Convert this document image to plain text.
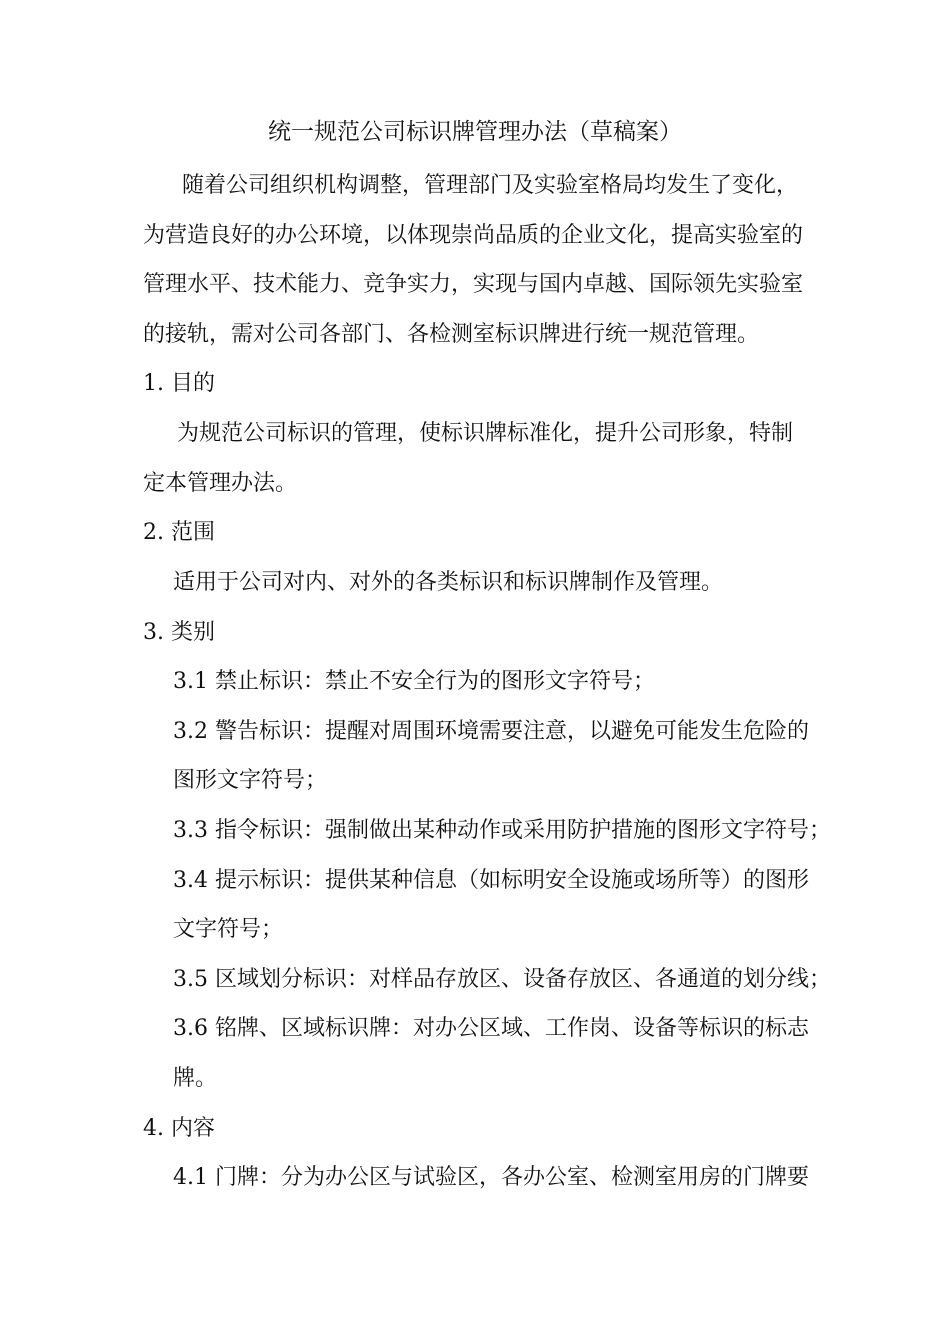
统一规范公司标识牌管理办法（草稿案）
随着公司组织机构调整，管理部门及实验室格局均发生了变化，
为营造良好的办公环境，以体现崇尚品质的企业文化，提高实验室的
管理水平、技术能力、竞争实力，实现与国内卓越、国际领先实验室
的接轨，需对公司各部门、各检测室标识牌进行统一规范管理。
1. 目的
为规范公司标识的管理，使标识牌标准化，提升公司形象，特制
定本管理办法。
2. 范围
适用于公司对内、对外的各类标识和标识牌制作及管理。
3. 类别
3.1 禁止标识：禁止不安全行为的图形文字符号；
3.2 警告标识：提醒对周围环境需要注意，以避免可能发生危险的
图形文字符号；
3.3 指令标识：强制做出某种动作或采用防护措施的图形文字符号；
3.4 提示标识：提供某种信息（如标明安全设施或场所等）的图形
文字符号；
3.5 区域划分标识：对样品存放区、设备存放区、各通道的划分线；
3.6 铭牌、区域标识牌：对办公区域、工作岗、设备等标识的标志
牌。
4. 内容
4.1 门牌：分为办公区与试验区，各办公室、检测室用房的门牌要
